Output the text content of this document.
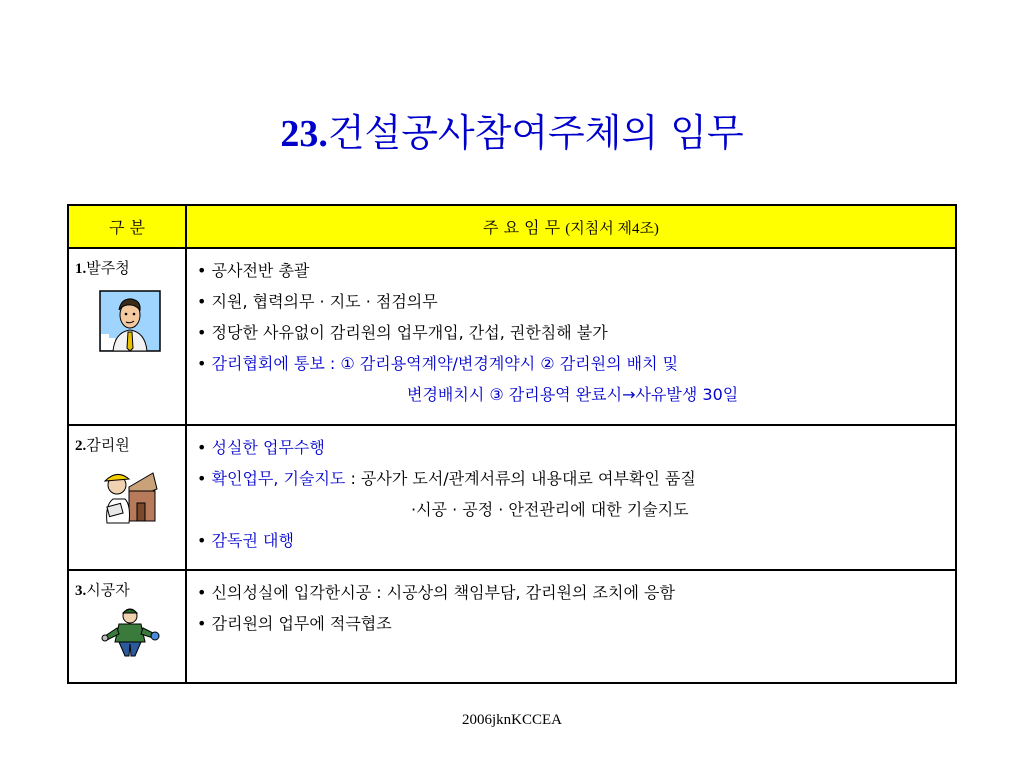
23.건설공사참여주체의 임무
구 분	주 요 임 무 (지침서 제4조)
1.발주청	• 공사전반 총괄
• 지원, 협력의무 · 지도 · 점검의무
• 정당한 사유없이 감리원의 업무개입, 간섭, 권한침해 불가
• 감리협회에 통보 : ① 감리용역계약/변경계약시 ② 감리원의 배치 및
변경배치시 ③ 감리용역 완료시→사유발생 30일

2.감리원	• 성실한 업무수행
• 확인업무, 기술지도 : 공사가 도서/관계서류의 내용대로 여부확인 품질
·시공 · 공정 · 안전관리에 대한 기술지도
• 감독권 대행

3.시공자	• 신의성실에 입각한시공 : 시공상의 책임부담, 감리원의 조치에 응함
• 감리원의 업무에 적극협조
2006jknKCCEA
